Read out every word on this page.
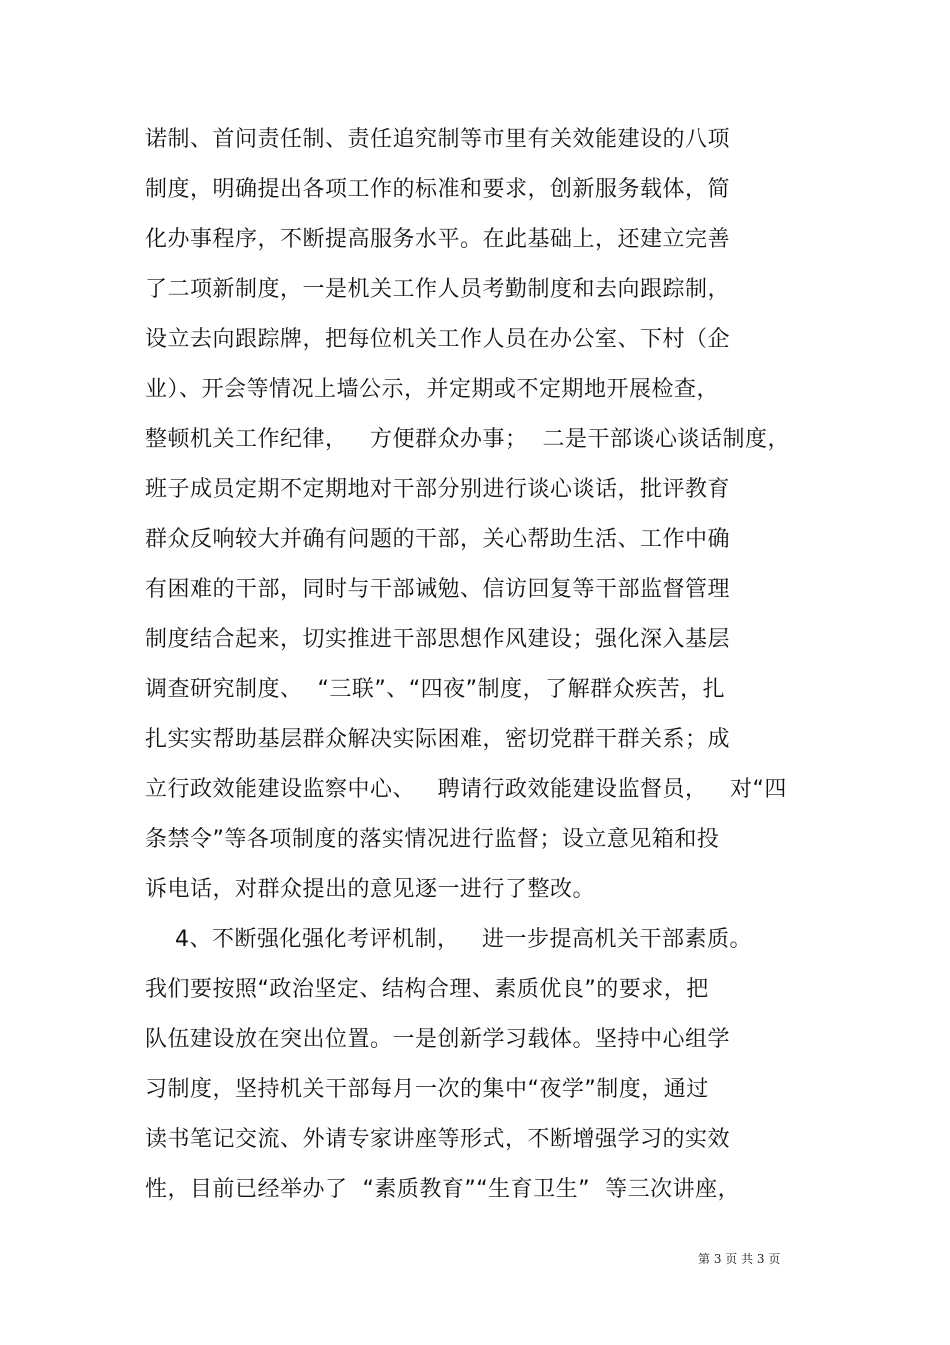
诺制、首问责任制、责任追究制等市里有关效能建设的八项

制度，明确提出各项工作的标准和要求，创新服务载体，简

化办事程序，不断提高服务水平。在此基础上，还建立完善

了二项新制度，一是机关工作人员考勤制度和去向跟踪制，

设立去向跟踪牌，把每位机关工作人员在办公室、下村（企

业）、开会等情况上墙公示，并定期或不定期地开展检查，

整顿机关工作纪律，   方便群众办事；  二是干部谈心谈话制度，

班子成员定期不定期地对干部分别进行谈心谈话，批评教育

群众反响较大并确有问题的干部，关心帮助生活、工作中确

有困难的干部，同时与干部诫勉、信访回复等干部监督管理

制度结合起来，切实推进干部思想作风建设；强化深入基层

调查研究制度、  “三联”、“四夜”制度，了解群众疾苦，扎

扎实实帮助基层群众解决实际困难，密切党群干群关系；成

立行政效能建设监察中心、   聘请行政效能建设监督员，   对“四

条禁令”等各项制度的落实情况进行监督；设立意见箱和投

诉电话，对群众提出的意见逐一进行了整改。

4、不断强化强化考评机制，   进一步提高机关干部素质。

我们要按照“政治坚定、结构合理、素质优良”的要求，把

队伍建设放在突出位置。一是创新学习载体。坚持中心组学

习制度，坚持机关干部每月一次的集中“夜学”制度，通过

读书笔记交流、外请专家讲座等形式，不断增强学习的实效

性，目前已经举办了  “素质教育”“生育卫生”  等三次讲座，

第 3 页 共 3 页
